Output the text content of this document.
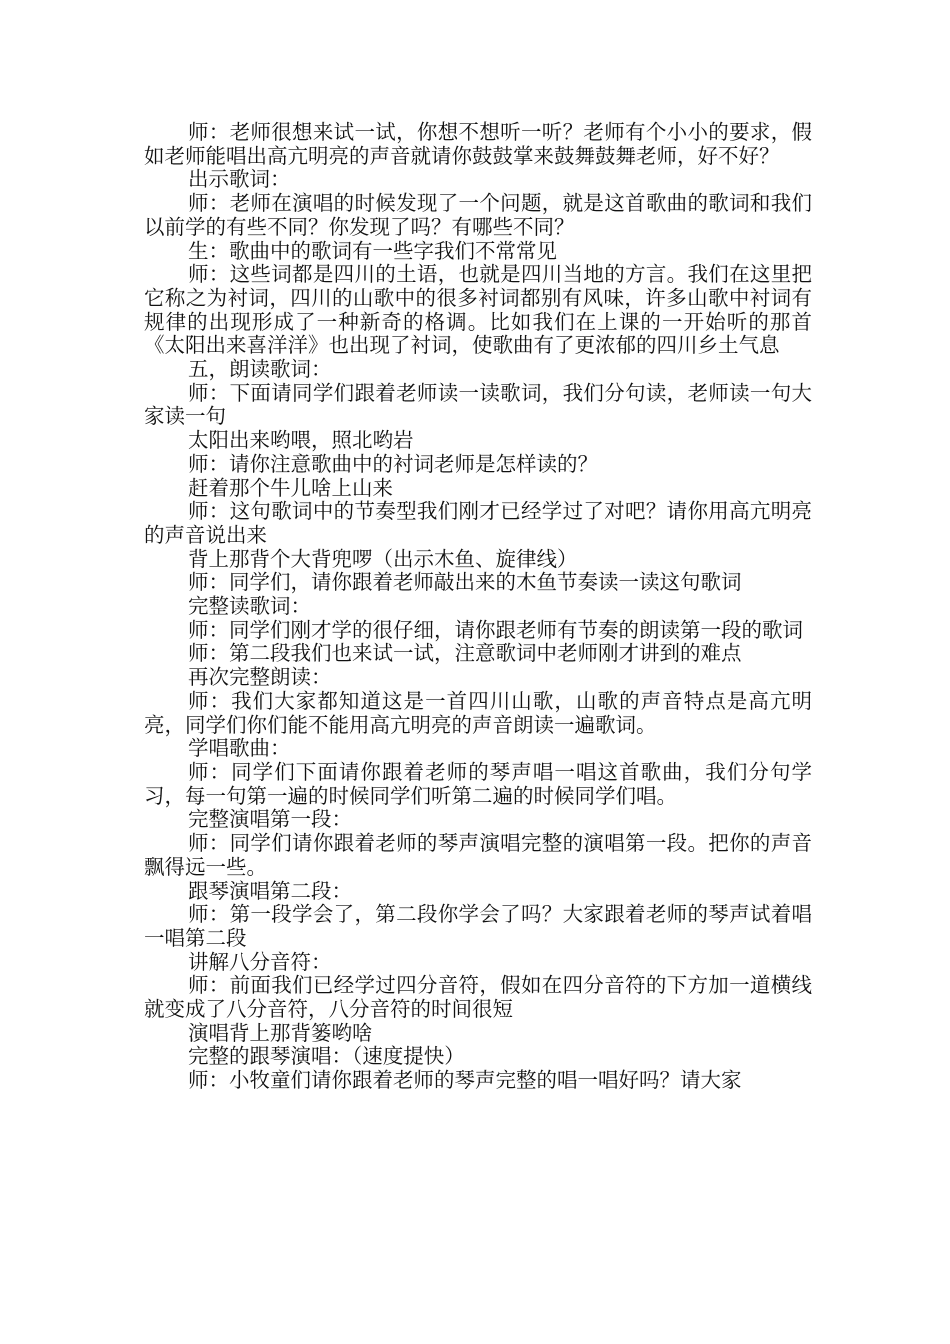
师：老师很想来试一试，你想不想听一听？老师有个小小的要求，假如老师能唱出高亢明亮的声音就请你鼓鼓掌来鼓舞鼓舞老师，好不好？

出示歌词：

师：老师在演唱的时候发现了一个问题，就是这首歌曲的歌词和我们以前学的有些不同？你发现了吗？有哪些不同？

生：歌曲中的歌词有一些字我们不常常见

师：这些词都是四川的土语，也就是四川当地的方言。我们在这里把它称之为衬词，四川的山歌中的很多衬词都别有风味，许多山歌中衬词有规律的出现形成了一种新奇的格调。比如我们在上课的一开始听的那首《太阳出来喜洋洋》也出现了衬词，使歌曲有了更浓郁的四川乡土气息

五，朗读歌词：

师：下面请同学们跟着老师读一读歌词，我们分句读，老师读一句大家读一句

太阳出来哟喂，照北哟岩

师：请你注意歌曲中的衬词老师是怎样读的？

赶着那个牛儿啥上山来

师：这句歌词中的节奏型我们刚才已经学过了对吧？请你用高亢明亮的声音说出来

背上那背个大背兜啰（出示木鱼、旋律线）

师：同学们，请你跟着老师敲出来的木鱼节奏读一读这句歌词

完整读歌词：

师：同学们刚才学的很仔细，请你跟老师有节奏的朗读第一段的歌词

师：第二段我们也来试一试，注意歌词中老师刚才讲到的难点

再次完整朗读：

师：我们大家都知道这是一首四川山歌，山歌的声音特点是高亢明亮，同学们你们能不能用高亢明亮的声音朗读一遍歌词。

学唱歌曲：

师：同学们下面请你跟着老师的琴声唱一唱这首歌曲，我们分句学习，每一句第一遍的时候同学们听第二遍的时候同学们唱。

完整演唱第一段：

师：同学们请你跟着老师的琴声演唱完整的演唱第一段。把你的声音飘得远一些。

跟琴演唱第二段：

师：第一段学会了，第二段你学会了吗？大家跟着老师的琴声试着唱一唱第二段

讲解八分音符：

师：前面我们已经学过四分音符，假如在四分音符的下方加一道横线就变成了八分音符，八分音符的时间很短

演唱背上那背篓哟啥

完整的跟琴演唱：（速度提快）

师：小牧童们请你跟着老师的琴声完整的唱一唱好吗？请大家
